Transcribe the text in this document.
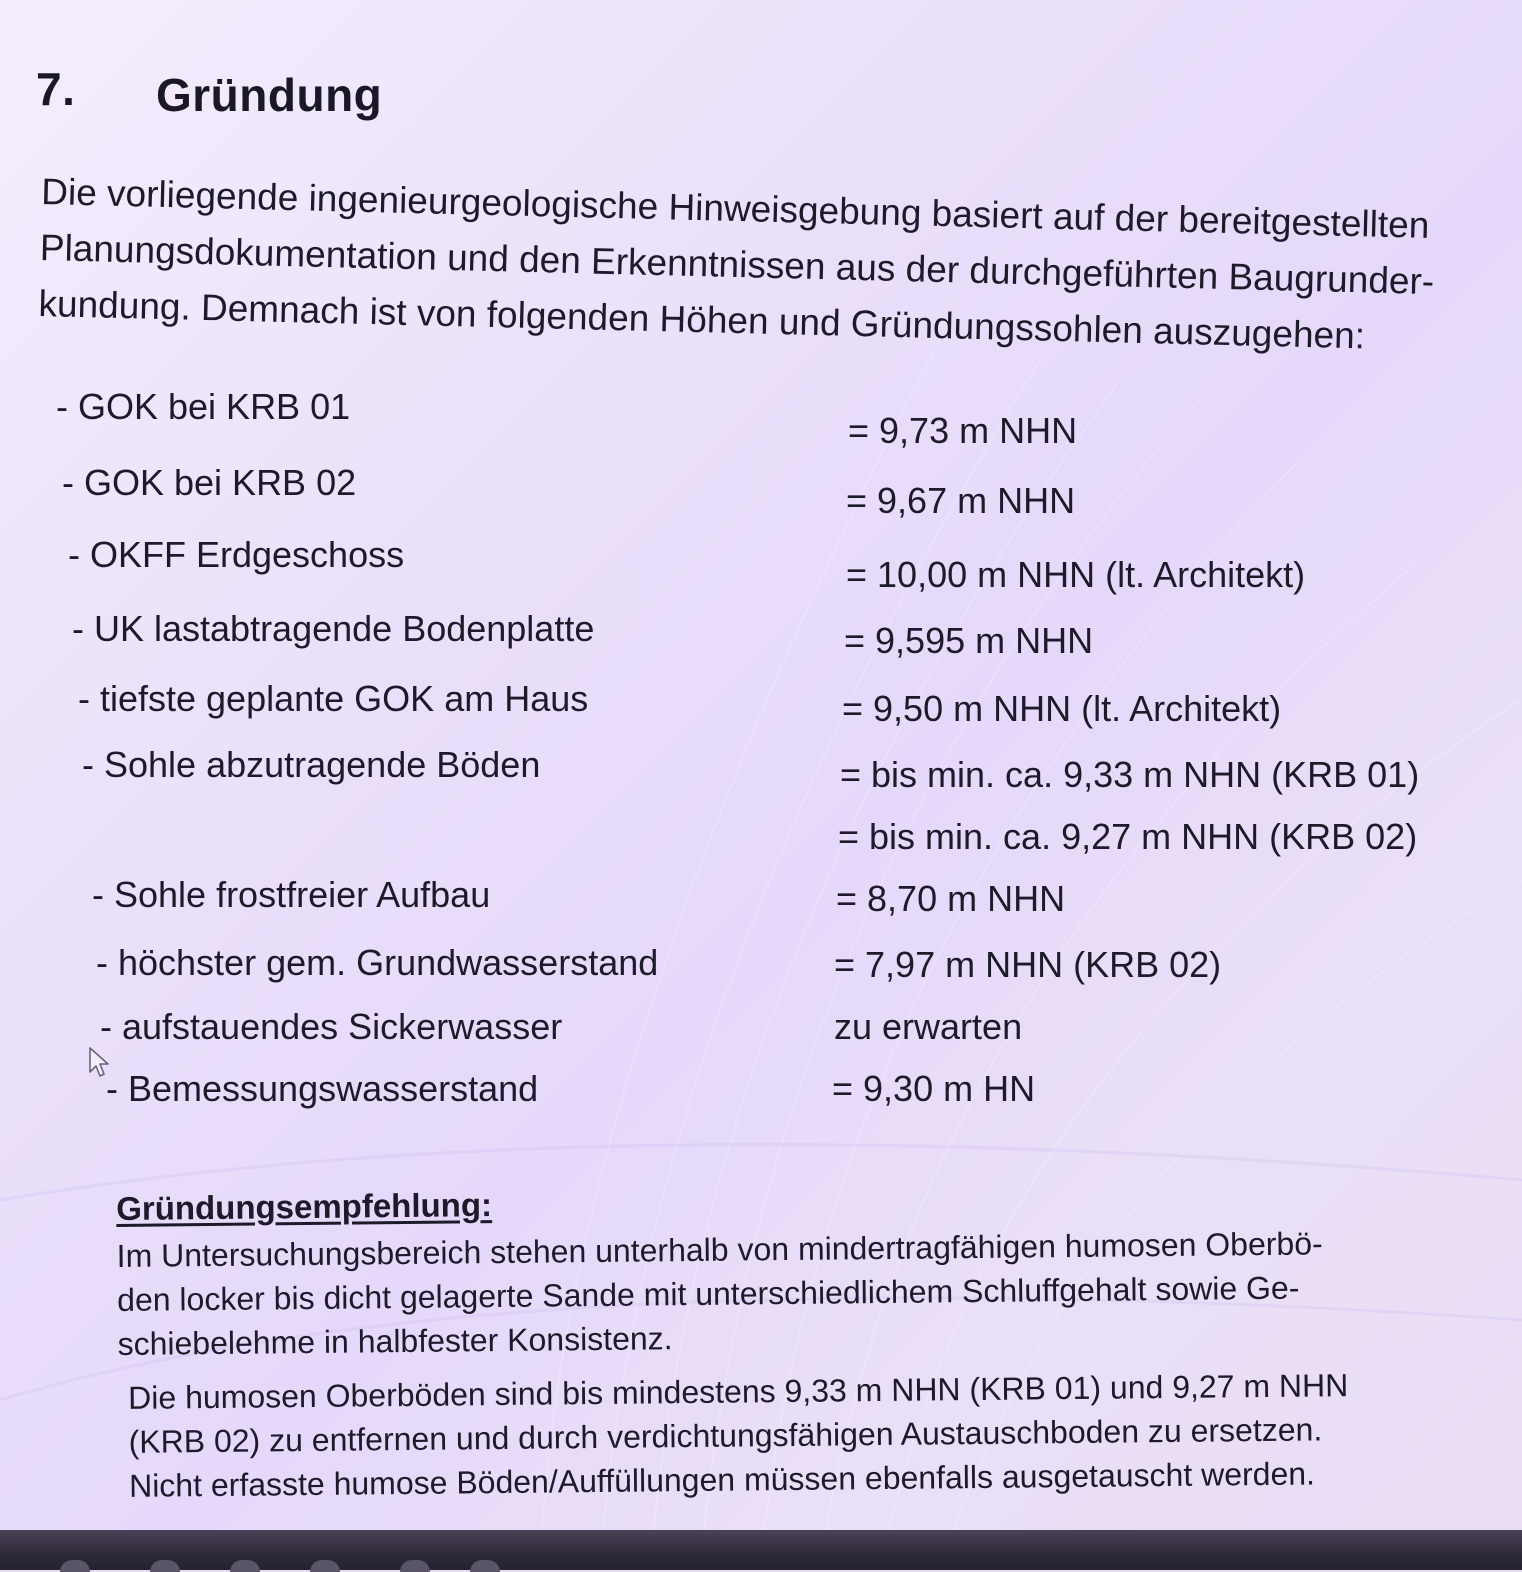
7. Gründung

Die vorliegende ingenieurgeologische Hinweisgebung basiert auf der bereitgestellten

Planungsdokumentation und den Erkenntnissen aus der durchgeführten Baugrunder-

kundung. Demnach ist von folgenden Höhen und Gründungssohlen auszugehen:

- GOK bei KRB 01
= 9,73 m NHN
- GOK bei KRB 02	= 9,67 m NHN
- OKFF Erdgeschoss	= 10,00 m NHN (lt. Architekt)
- UK lastabtragende Bodenplatte	= 9,595 m NHN
- tiefste geplante GOK am Haus	= 9,50 m NHN (lt. Architekt)
- Sohle abzutragende Böden	= bis min. ca. 9,33 m NHN (KRB 01)
= bis min. ca. 9,27 m NHN (KRB 02)
- Sohle frostfreier Aufbau	= 8,70 m NHN
- höchster gem. Grundwasserstand	= 7,97 m NHN (KRB 02)
- aufstauendes Sickerwasser	zu erwarten
- Bemessungswasserstand	= 9,30 m HN

Gründungsempfehlung:

Im Untersuchungsbereich stehen unterhalb von mindertragfähigen humosen Oberbö-
den locker bis dicht gelagerte Sande mit unterschiedlichem Schluffgehalt sowie Ge-
schiebelehme in halbfester Konsistenz.
Die humosen Oberböden sind bis mindestens 9,33 m NHN (KRB 01) und 9,27 m NHN
(KRB 02) zu entfernen und durch verdichtungsfähigen Austauschboden zu ersetzen.
Nicht erfasste humose Böden/Auffüllungen müssen ebenfalls ausgetauscht werden.
